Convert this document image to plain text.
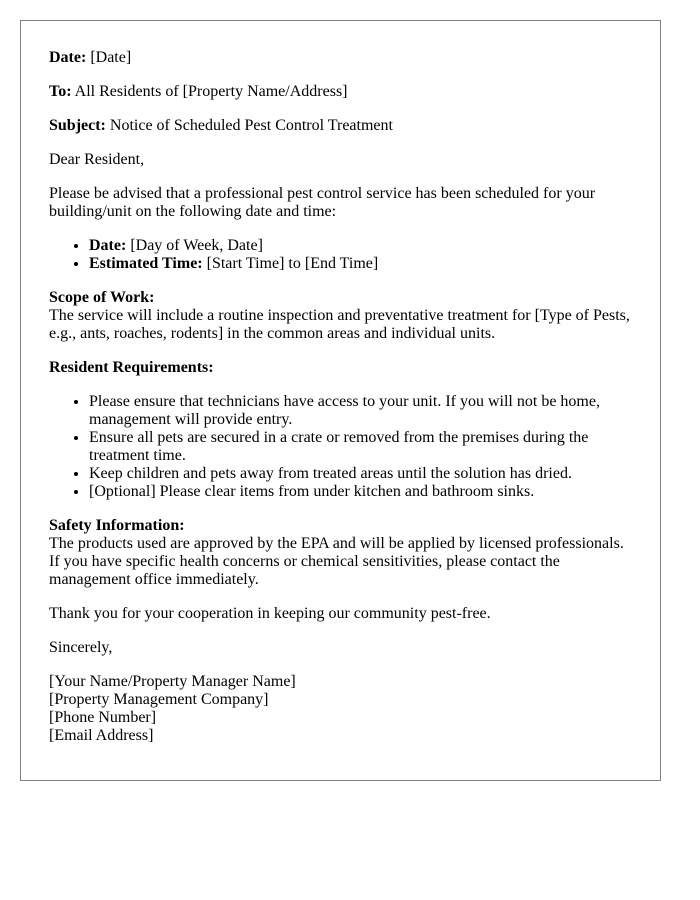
Date: [Date]

To: All Residents of [Property Name/Address]

Subject: Notice of Scheduled Pest Control Treatment

Dear Resident,

Please be advised that a professional pest control service has been scheduled for your building/unit on the following date and time:

• Date: [Day of Week, Date]
• Estimated Time: [Start Time] to [End Time]

Scope of Work:
The service will include a routine inspection and preventative treatment for [Type of Pests, e.g., ants, roaches, rodents] in the common areas and individual units.

Resident Requirements:

• Please ensure that technicians have access to your unit. If you will not be home, management will provide entry.
• Ensure all pets are secured in a crate or removed from the premises during the treatment time.
• Keep children and pets away from treated areas until the solution has dried.
• [Optional] Please clear items from under kitchen and bathroom sinks.

Safety Information:
The products used are approved by the EPA and will be applied by licensed professionals. If you have specific health concerns or chemical sensitivities, please contact the management office immediately.

Thank you for your cooperation in keeping our community pest-free.

Sincerely,

[Your Name/Property Manager Name]

[Property Management Company]

[Phone Number]

[Email Address]
